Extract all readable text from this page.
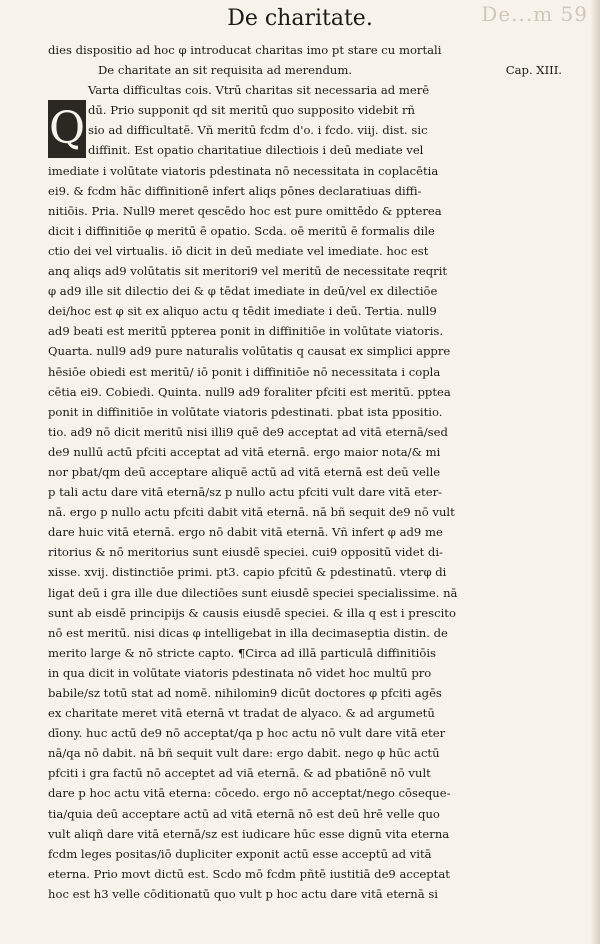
De...m 59
De charitate.
dies dispositio ad hoc φ introducat charitas imo pt stare cu mortali
De charitate an sit requisita ad merendum.	Cap. XIII.
Q
Varta difficultas cois. Vtrū charitas sit necessaria ad merē
dū. Prio supponit qd sit meritū quo supposito videbit rñ
sio ad difficultatē. Vñ meritū fcdm d'o. i fcdo. viij. dist. sic
diffinit. Est opatio charitatiue dilectiois i deū mediate vel
imediate i volūtate viatoris pdestinata nō necessitata in coplacētia
ei9. & fcdm hāc diffinitionē infert aliqs pōnes declaratiuas diffi-
nitiōis. Pria. Null9 meret qescēdo hoc est pure omittēdo & ppterea
dicit i diffinitiōe φ meritū ē opatio. Scda. oē meritū ē formalis dile
ctio dei vel virtualis. iō dicit in deū mediate vel imediate. hoc est
anq aliqs ad9 volūtatis sit meritori9 vel meritū de necessitate reqrit
φ ad9 ille sit dilectio dei & φ tēdat imediate in deū/vel ex dilectiōe
dei/hoc est φ sit ex aliquo actu q tēdit imediate i deū. Tertia. null9
ad9 beati est meritū ppterea ponit in diffinitiōe in volūtate viatoris.
Quarta. null9 ad9 pure naturalis volūtatis q causat ex simplici appre
hēsiōe obiedi est meritū/ iō ponit i diffinitiōe nō necessitata i copla
cētia ei9. Cobiedi. Quinta. null9 ad9 foraliter pfciti est meritū. pptea
ponit in diffinitiōe in volūtate viatoris pdestinati. pbat ista ppositio.
tio. ad9 nō dicit meritū nisi illi9 quē de9 acceptat ad vitā eternā/sed
de9 nullū actū pfciti acceptat ad vitā eternā. ergo maior nota/& mi
nor pbat/qm deū acceptare aliquē actū ad vitā eternā est deū velle
p tali actu dare vitā eternā/sz p nullo actu pfciti vult dare vitā eter-
nā. ergo p nullo actu pfciti dabit vitā eternā. nā bñ sequit de9 nō vult
dare huic vitā eternā. ergo nō dabit vitā eternā. Vñ infert φ ad9 me
ritorius & nō meritorius sunt eiusdē speciei. cui9 oppositū videt di-
xisse. xvij. distinctiōe primi. pt3. capio pfcitū & pdestinatū. vterφ di
ligat deū i gra ille due dilectiōes sunt eiusdē speciei specialissime. nā
sunt ab eisdē principijs & causis eiusdē speciei. & illa q est i prescito
nō est meritū. nisi dicas φ intelligebat in illa decimaseptia distin. de
merito large & nō stricte capto. ¶Circa ad illā particulā diffinitiōis
in qua dicit in volūtate viatoris pdestinata nō videt hoc multū pro
babile/sz totū stat ad nomē. nihilomin9 dicūt doctores φ pfciti agēs
ex charitate meret vitā eternā vt tradat de alyaco. & ad argumetū
dīony. huc actū de9 nō acceptat/qa p hoc actu nō vult dare vitā eter
nā/qa nō dabit. nā bñ sequit vult dare: ergo dabit. nego φ hūc actū
pfciti i gra factū nō acceptet ad viā eternā. & ad pbatiōnē nō vult
dare p hoc actu vitā eterna: cōcedo. ergo nō acceptat/nego cōseque-
tia/quia deū acceptare actū ad vitā eternā nō est deū hrē velle quo
vult aliqñ dare vitā eternā/sz est iudicare hūc esse dignū vita eterna
fcdm leges positas/iō dupliciter exponit actū esse acceptū ad vitā
eterna. Prio movt dictū est. Scdo mō fcdm pñtē iustitiā de9 acceptat
hoc est h3 velle cōditionatū quo vult p hoc actu dare vitā eternā si
